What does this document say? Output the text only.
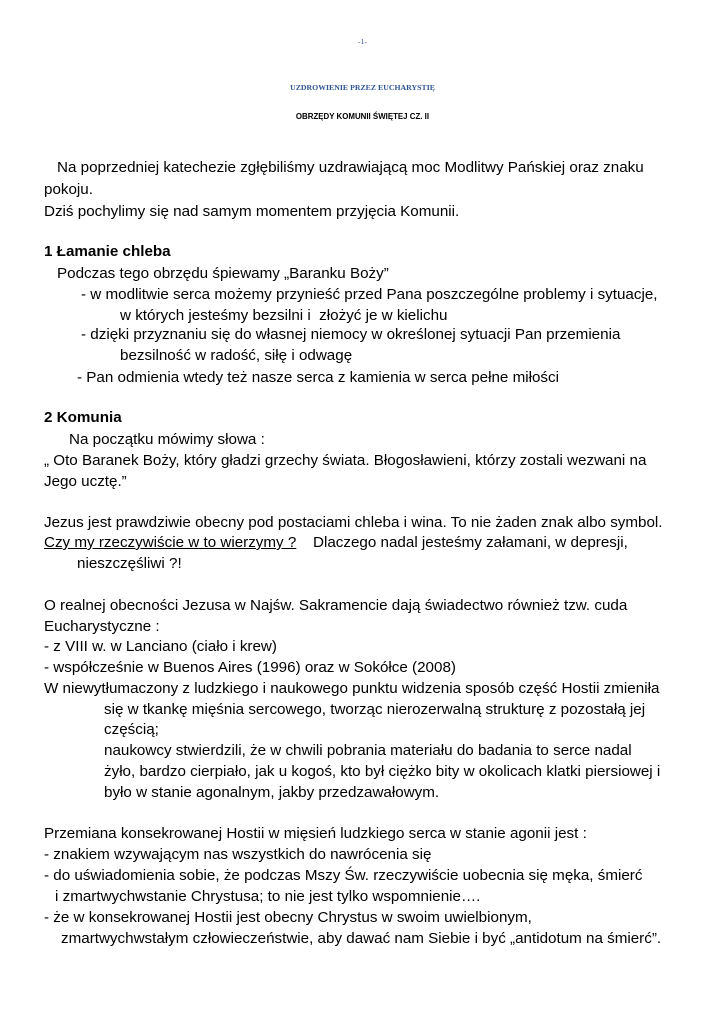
-1-
UZDROWIENIE PRZEZ EUCHARYSTIĘ
OBRZĘDY KOMUNII ŚWIĘTEJ CZ. II
Na poprzedniej katechezie zgłębiliśmy uzdrawiającą moc Modlitwy Pańskiej oraz znaku
pokoju.
Dziś pochylimy się nad samym momentem przyjęcia Komunii.
1 Łamanie chleba
Podczas tego obrzędu śpiewamy „Baranku Boży”
- w modlitwie serca możemy przynieść przed Pana poszczególne problemy i sytuacje,
w których jesteśmy bezsilni i  złożyć je w kielichu
- dzięki przyznaniu się do własnej niemocy w określonej sytuacji Pan przemienia
bezsilność w radość, siłę i odwagę
- Pan odmienia wtedy też nasze serca z kamienia w serca pełne miłości
2 Komunia
Na początku mówimy słowa :
„ Oto Baranek Boży, który gładzi grzechy świata. Błogosławieni, którzy zostali wezwani na
Jego ucztę.”
Jezus jest prawdziwie obecny pod postaciami chleba i wina. To nie żaden znak albo symbol.
Czy my rzeczywiście w to wierzymy ? Dlaczego nadal jesteśmy załamani, w depresji,
nieszczęśliwi ?!
O realnej obecności Jezusa w Najśw. Sakramencie dają świadectwo również tzw. cuda
Eucharystyczne :
- z VIII w. w Lanciano (ciało i krew)
- współcześnie w Buenos Aires (1996) oraz w Sokółce (2008)
W niewytłumaczony z ludzkiego i naukowego punktu widzenia sposób część Hostii zmieniła
się w tkankę mięśnia sercowego, tworząc nierozerwalną strukturę z pozostałą jej
częścią;
naukowcy stwierdzili, że w chwili pobrania materiału do badania to serce nadal
żyło, bardzo cierpiało, jak u kogoś, kto był ciężko bity w okolicach klatki piersiowej i
było w stanie agonalnym, jakby przedzawałowym.
Przemiana konsekrowanej Hostii w mięsień ludzkiego serca w stanie agonii jest :
- znakiem wzywającym nas wszystkich do nawrócenia się
- do uświadomienia sobie, że podczas Mszy Św. rzeczywiście uobecnia się męka, śmierć
i zmartwychwstanie Chrystusa; to nie jest tylko wspomnienie….
- że w konsekrowanej Hostii jest obecny Chrystus w swoim uwielbionym,
zmartwychwstałym człowieczeństwie, aby dawać nam Siebie i być „antidotum na śmierć”.
